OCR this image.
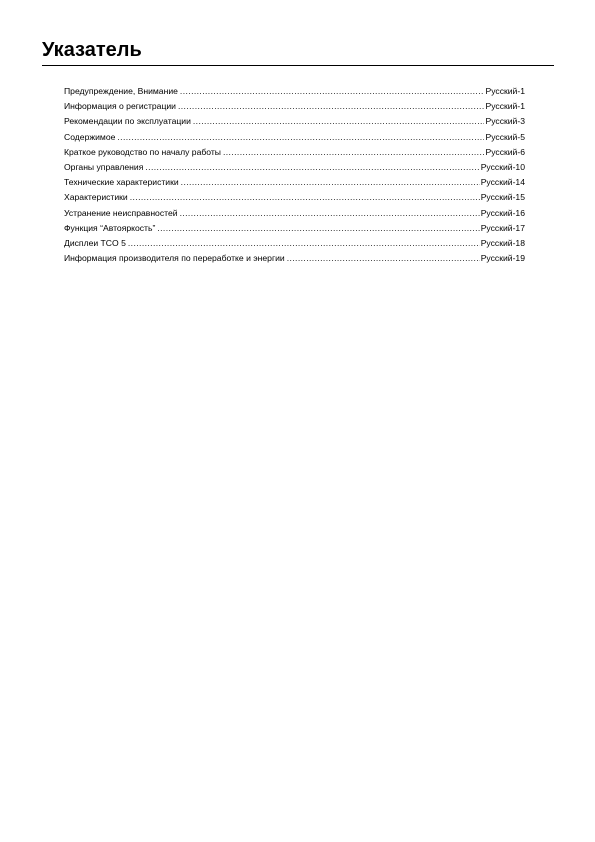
Указатель
Предупреждение, Внимание .....	Русский-1
Информация о регистрации .....	Русский-1
Рекомендации по эксплуатации .....	Русский-3
Содержимое .....	Русский-5
Краткое руководство по началу работы .....	Русский-6
Органы управления .....	Русский-10
Технические характеристики .....	Русский-14
Характеристики .....	Русский-15
Устранение неисправностей .....	Русский-16
Функция “Автояркость” .....	Русский-17
Дисплеи TCO 5 .....	Русский-18
Информация производителя по переработке и энергии .....	Русский-19
